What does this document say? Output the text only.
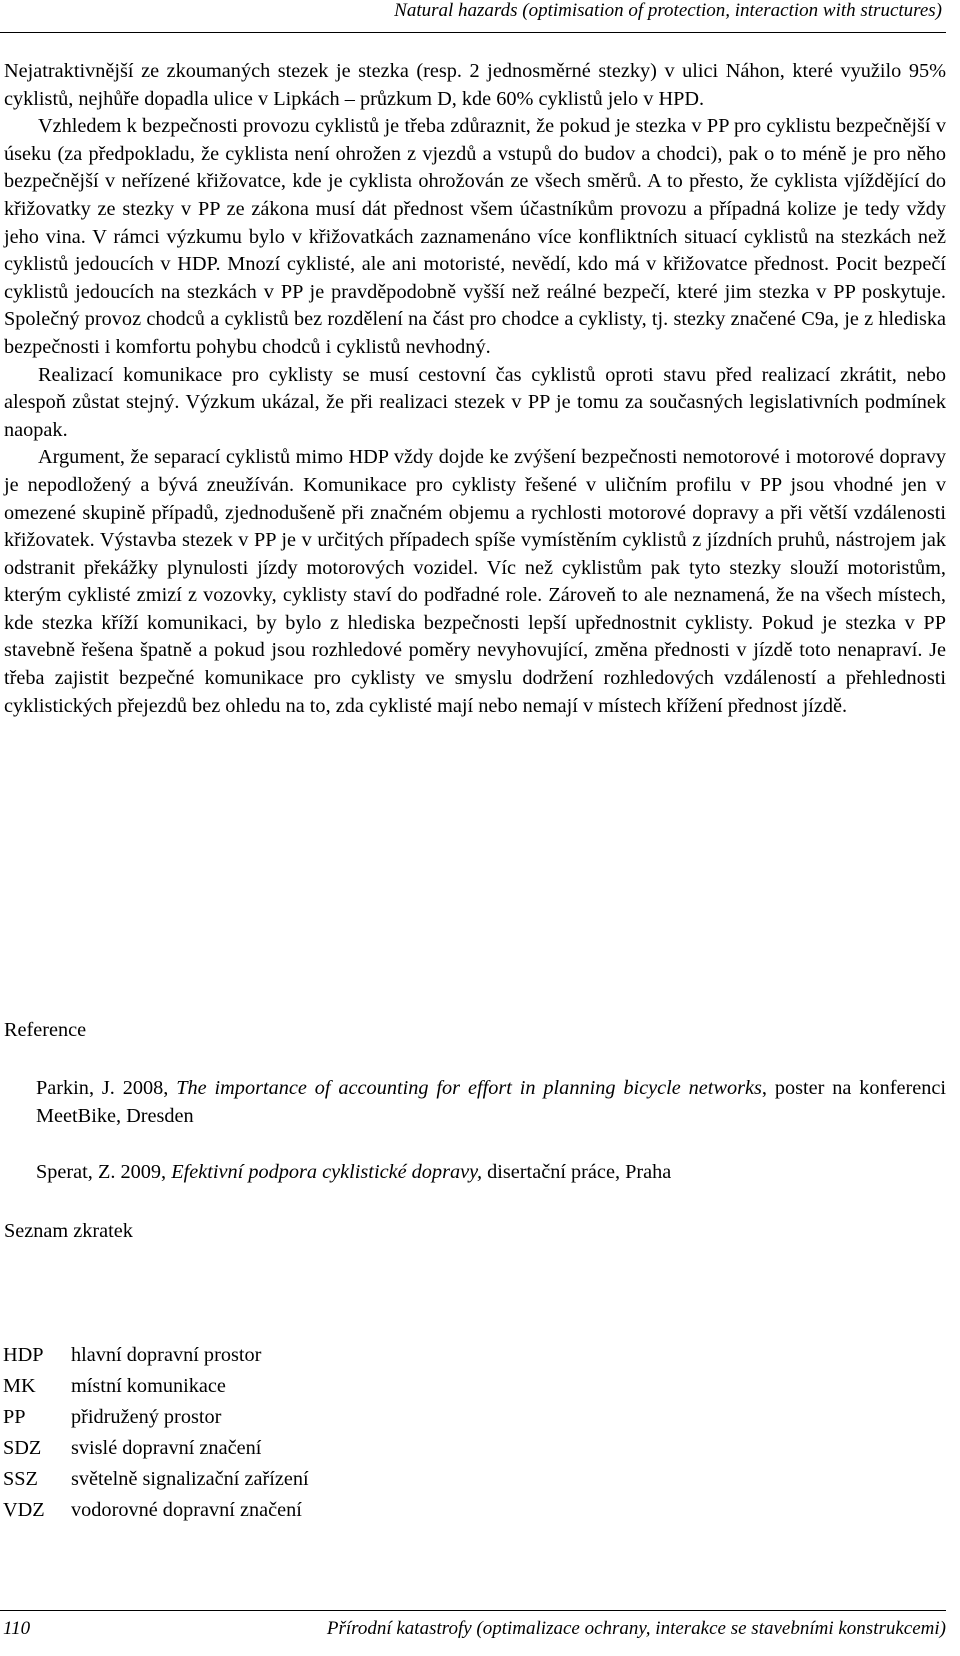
Natural hazards (optimisation of protection, interaction with structures)

Nejatraktivnější ze zkoumaných stezek je stezka (resp. 2 jednosměrné stezky) v ulici Náhon, které využilo 95% cyklistů, nejhůře dopadla ulice v Lipkách – průzkum D, kde 60% cyklistů jelo v HPD.

Vzhledem k bezpečnosti provozu cyklistů je třeba zdůraznit, že pokud je stezka v PP pro cyklistu bezpečnější v úseku (za předpokladu, že cyklista není ohrožen z vjezdů a vstupů do budov a chodci), pak o to méně je pro něho bezpečnější v neřízené křižovatce, kde je cyklista ohrožován ze všech směrů. A to přesto, že cyklista vjíždějící do křižovatky ze stezky v PP ze zákona musí dát přednost všem účastníkům provozu a případná kolize je tedy vždy jeho vina. V rámci výzkumu bylo v křižovatkách zaznamenáno více konfliktních situací cyklistů na stezkách než cyklistů jedoucích v HDP. Mnozí cyklisté, ale ani motoristé, nevědí, kdo má v křižovatce přednost. Pocit bezpečí cyklistů jedoucích na stezkách v PP je pravděpodobně vyšší než reálné bezpečí, které jim stezka v PP poskytuje. Společný provoz chodců a cyklistů bez rozdělení na část pro chodce a cyklisty, tj. stezky značené C9a, je z hlediska bezpečnosti i komfortu pohybu chodců i cyklistů nevhodný.

Realizací komunikace pro cyklisty se musí cestovní čas cyklistů oproti stavu před realizací zkrátit, nebo alespoň zůstat stejný. Výzkum ukázal, že při realizaci stezek v PP je tomu za současných legislativních podmínek naopak.

Argument, že separací cyklistů mimo HDP vždy dojde ke zvýšení bezpečnosti nemotorové i motorové dopravy je nepodložený a bývá zneužíván. Komunikace pro cyklisty řešené v uličním profilu v PP jsou vhodné jen v omezené skupině případů, zjednodušeně při značném objemu a rychlosti motorové dopravy a při větší vzdálenosti křižovatek. Výstavba stezek v PP je v určitých případech spíše vymístěním cyklistů z jízdních pruhů, nástrojem jak odstranit překážky plynulosti jízdy motorových vozidel. Víc než cyklistům pak tyto stezky slouží motoristům, kterým cyklisté zmizí z vozovky, cyklisty staví do podřadné role. Zároveň to ale neznamená, že na všech místech, kde stezka kříží komunikaci, by bylo z hlediska bezpečnosti lepší upřednostnit cyklisty. Pokud je stezka v PP stavebně řešena špatně a pokud jsou rozhledové poměry nevyhovující, změna přednosti v jízdě toto nenapraví. Je třeba zajistit bezpečné komunikace pro cyklisty ve smyslu dodržení rozhledových vzdáleností a přehlednosti cyklistických přejezdů bez ohledu na to, zda cyklisté mají nebo nemají v místech křížení přednost jízdě.

Reference
Parkin, J. 2008, The importance of accounting for effort in planning bicycle networks, poster na konferenci MeetBike, Dresden
Sperat, Z. 2009, Efektivní podpora cyklistické dopravy, disertační práce, Praha
Seznam zkratek
HDP	hlavní dopravní prostor
MK	místní komunikace
PP	přidružený prostor
SDZ	svislé dopravní značení
SSZ	světelně signalizační zařízení
VDZ	vodorovné dopravní značení
110	Přírodní katastrofy (optimalizace ochrany, interakce se stavebními konstrukcemi)
